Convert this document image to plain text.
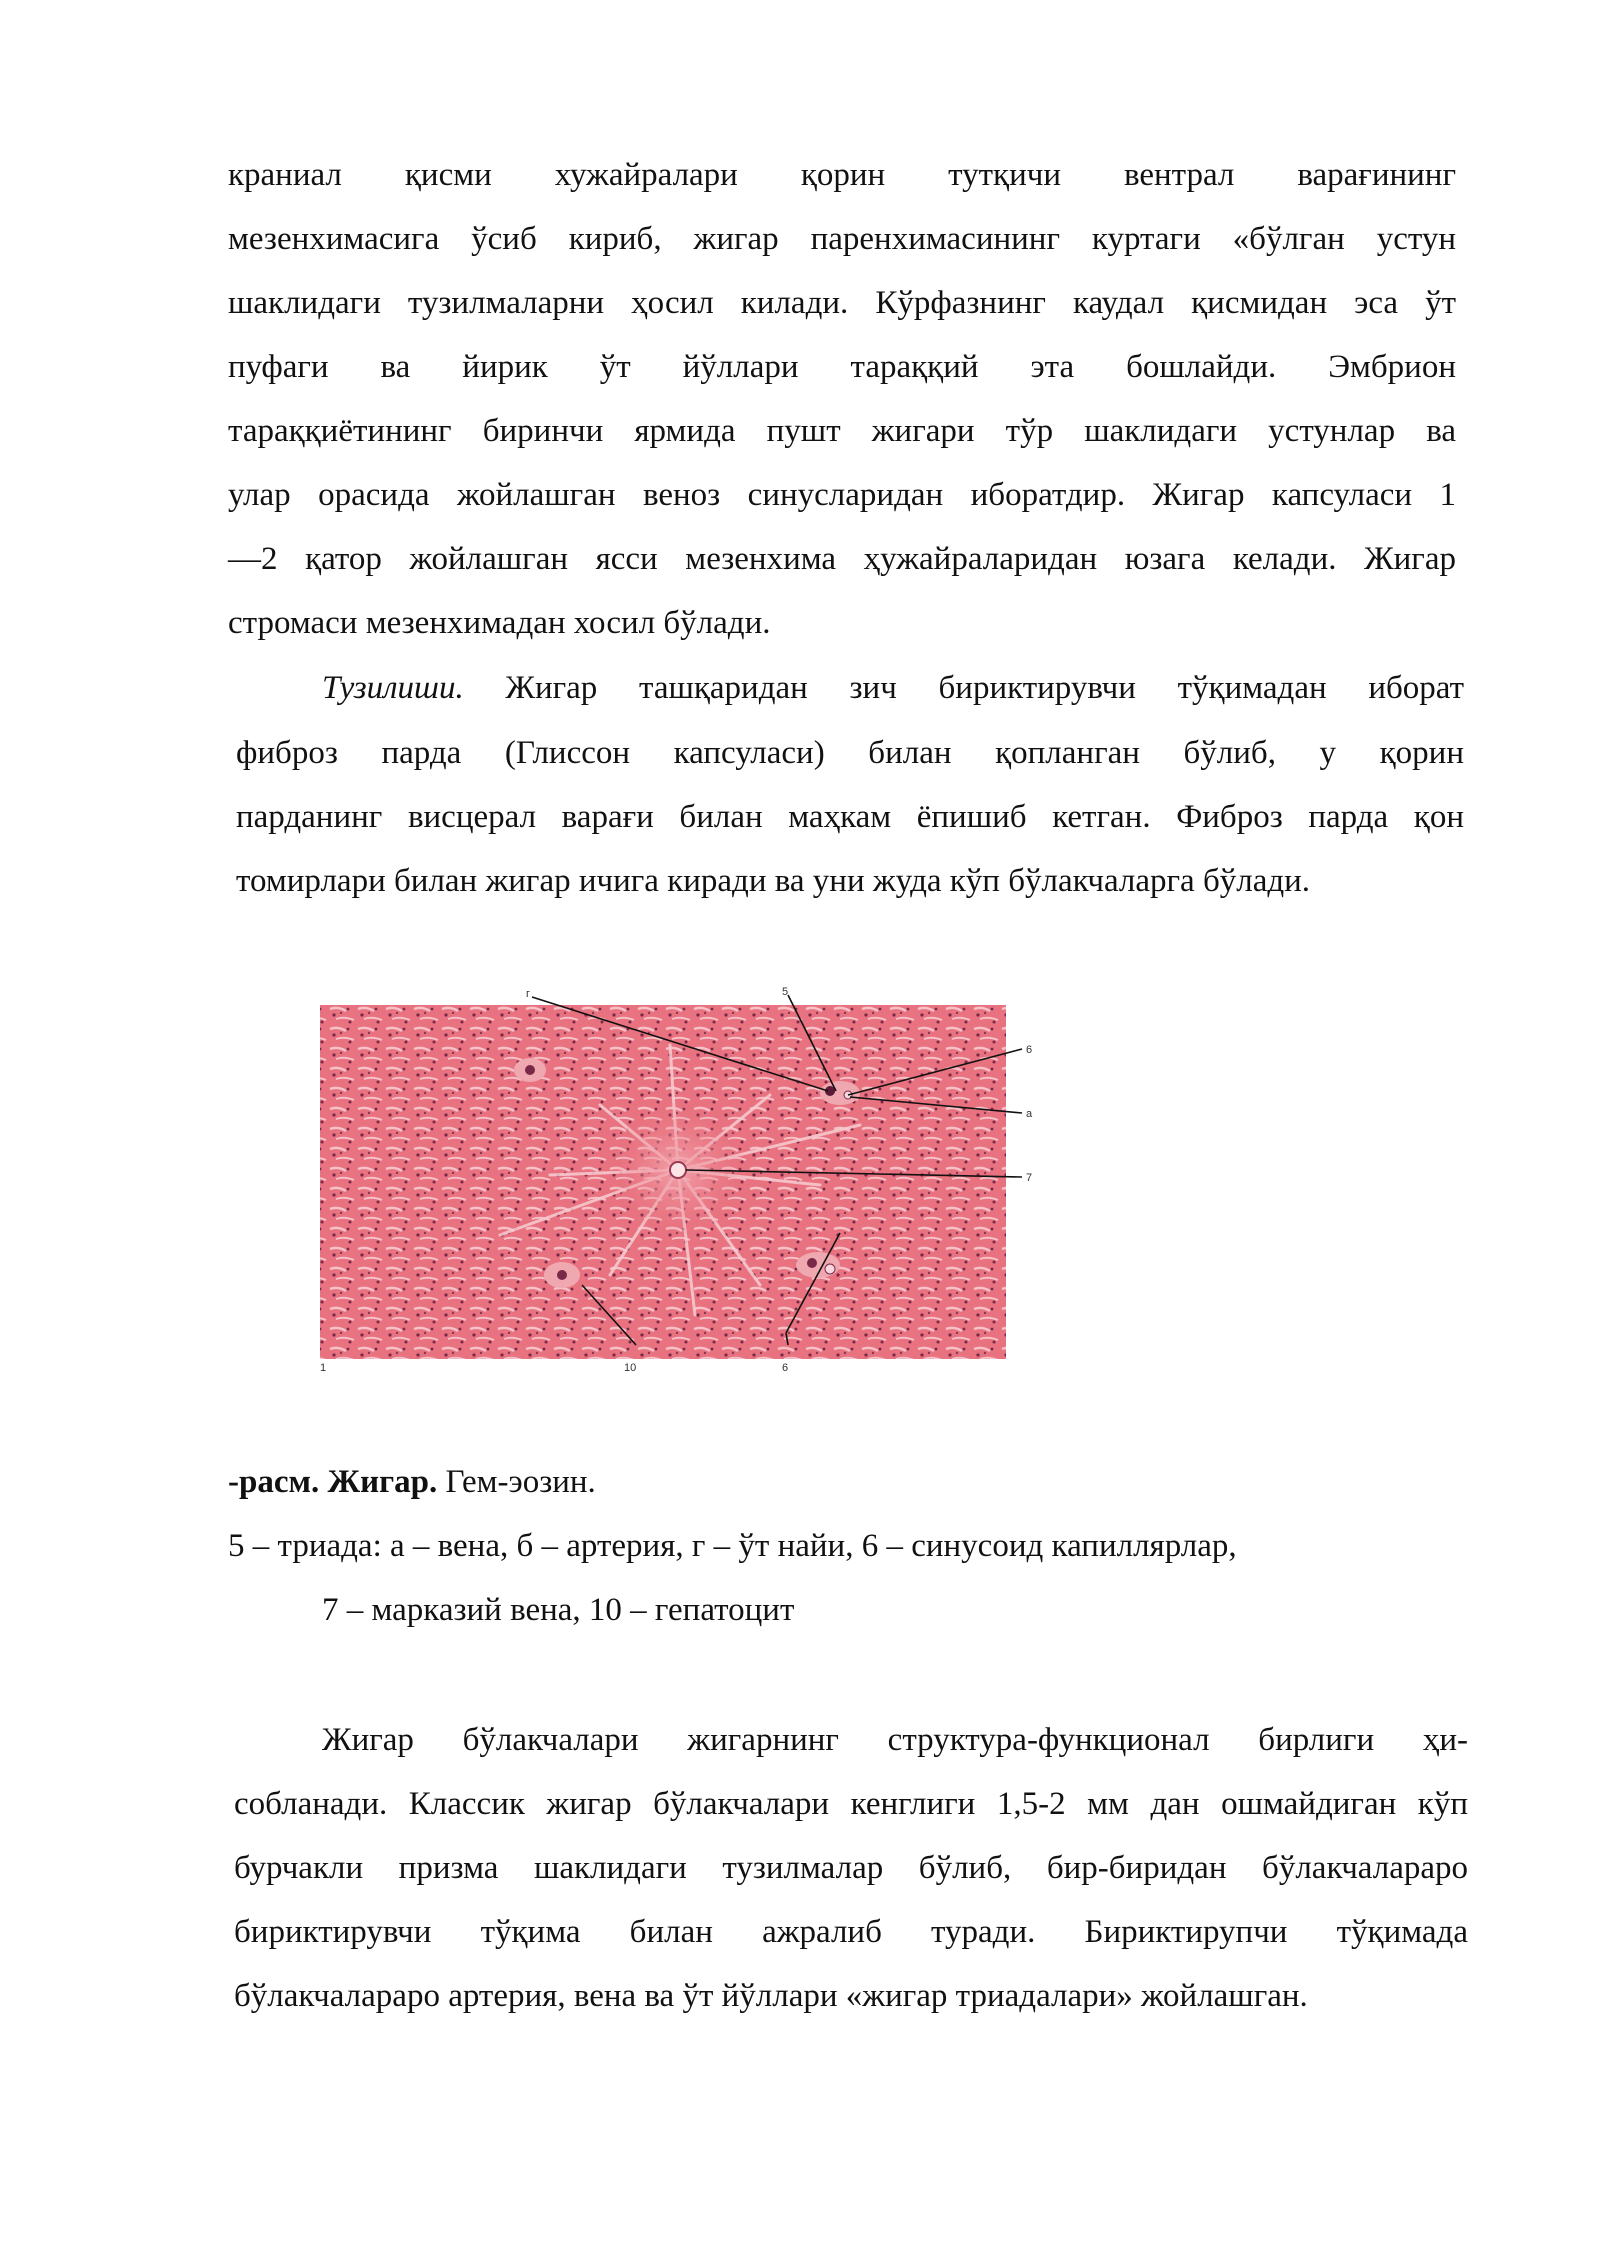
краниал қисми хужайралари қорин тутқичи вентрал варағининг
мезенхимасига ўсиб кириб, жигар паренхимасининг куртаги «бўлган устун
шаклидаги тузилмаларни ҳосил килади. Кўрфазнинг каудал қисмидан эса ўт
пуфаги ва йирик ўт йўллари тараққий эта бошлайди. Эмбрион
тараққиётининг биринчи ярмида пушт жигари тўр шаклидаги устунлар ва
улар орасида жойлашган веноз синусларидан иборатдир. Жигар капсуласи 1
—2 қатор жойлашган ясси мезенхима ҳужайраларидан юзага келади. Жигар
стромаси мезенхимадан хосил бўлади.
Тузилиши. Жигар ташқаридан зич бириктирувчи тўқимадан иборат
фиброз парда (Глиссон капсуласи) билан қопланган бўлиб, у қорин
парданинг висцерал варағи билан маҳкам ёпишиб кетган. Фиброз парда қон
томирлари билан жигар ичига киради ва уни жуда кўп бўлакчаларга бўлади.
г	5
6
а
7
6
10
1
-расм. Жигар. Гем-эозин.
5 – триада: а – вена, б – артерия, г – ўт найи, 6 – синусоид капиллярлар,
7 – марказий вена, 10 – гепатоцит
Жигар бўлакчалари жигарнинг структура-функционал бирлиги ҳи-
собланади. Классик жигар бўлакчалари кенглиги 1,5-2 мм дан ошмайдиган кўп
бурчакли призма шаклидаги тузилмалар бўлиб, бир-биридан бўлакчалараро
бириктирувчи тўқима билан ажралиб туради. Бириктирупчи тўқимада
бўлакчалараро артерия, вена ва ўт йўллари «жигар триадалари» жойлашган.
